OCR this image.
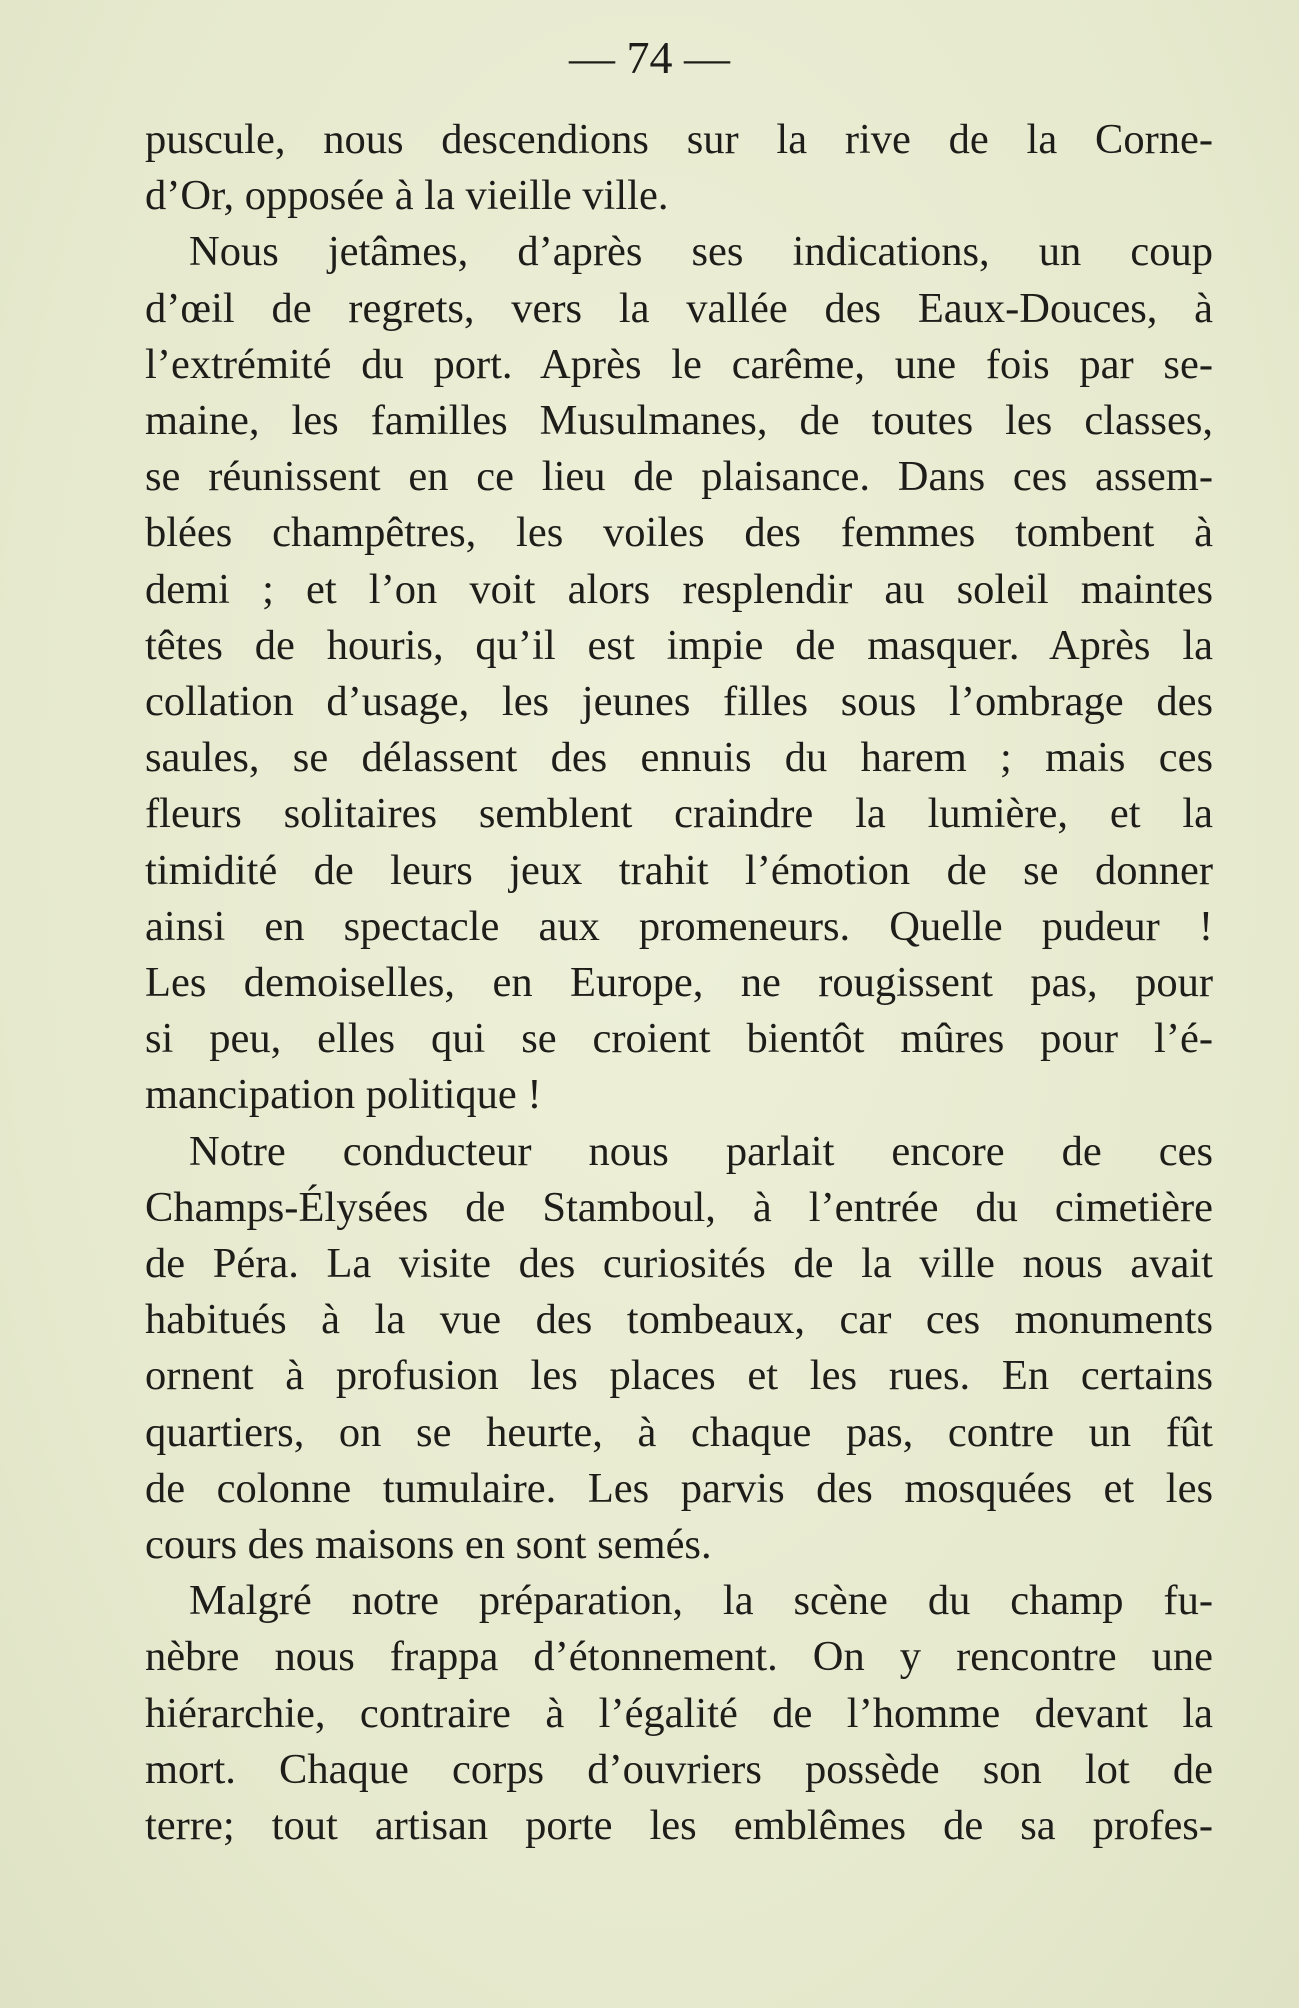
— 74 —
puscule, nous descendions sur la rive de la Corne-
d’Or, opposée à la vieille ville.
Nous jetâmes, d’après ses indications, un coup
d’œil de regrets, vers la vallée des Eaux-Douces, à
l’extrémité du port. Après le carême, une fois par se-
maine, les familles Musulmanes, de toutes les classes,
se réunissent en ce lieu de plaisance. Dans ces assem-
blées champêtres, les voiles des femmes tombent à
demi ; et l’on voit alors resplendir au soleil maintes
têtes de houris, qu’il est impie de masquer. Après la
collation d’usage, les jeunes filles sous l’ombrage des
saules, se délassent des ennuis du harem ; mais ces
fleurs solitaires semblent craindre la lumière, et la
timidité de leurs jeux trahit l’émotion de se donner
ainsi en spectacle aux promeneurs. Quelle pudeur !
Les demoiselles, en Europe, ne rougissent pas, pour
si peu, elles qui se croient bientôt mûres pour l’é-
mancipation politique !
Notre conducteur nous parlait encore de ces
Champs-Élysées de Stamboul, à l’entrée du cimetière
de Péra. La visite des curiosités de la ville nous avait
habitués à la vue des tombeaux, car ces monuments
ornent à profusion les places et les rues. En certains
quartiers, on se heurte, à chaque pas, contre un fût
de colonne tumulaire. Les parvis des mosquées et les
cours des maisons en sont semés.
Malgré notre préparation, la scène du champ fu-
nèbre nous frappa d’étonnement. On y rencontre une
hiérarchie, contraire à l’égalité de l’homme devant la
mort. Chaque corps d’ouvriers possède son lot de
terre; tout artisan porte les emblêmes de sa profes-
